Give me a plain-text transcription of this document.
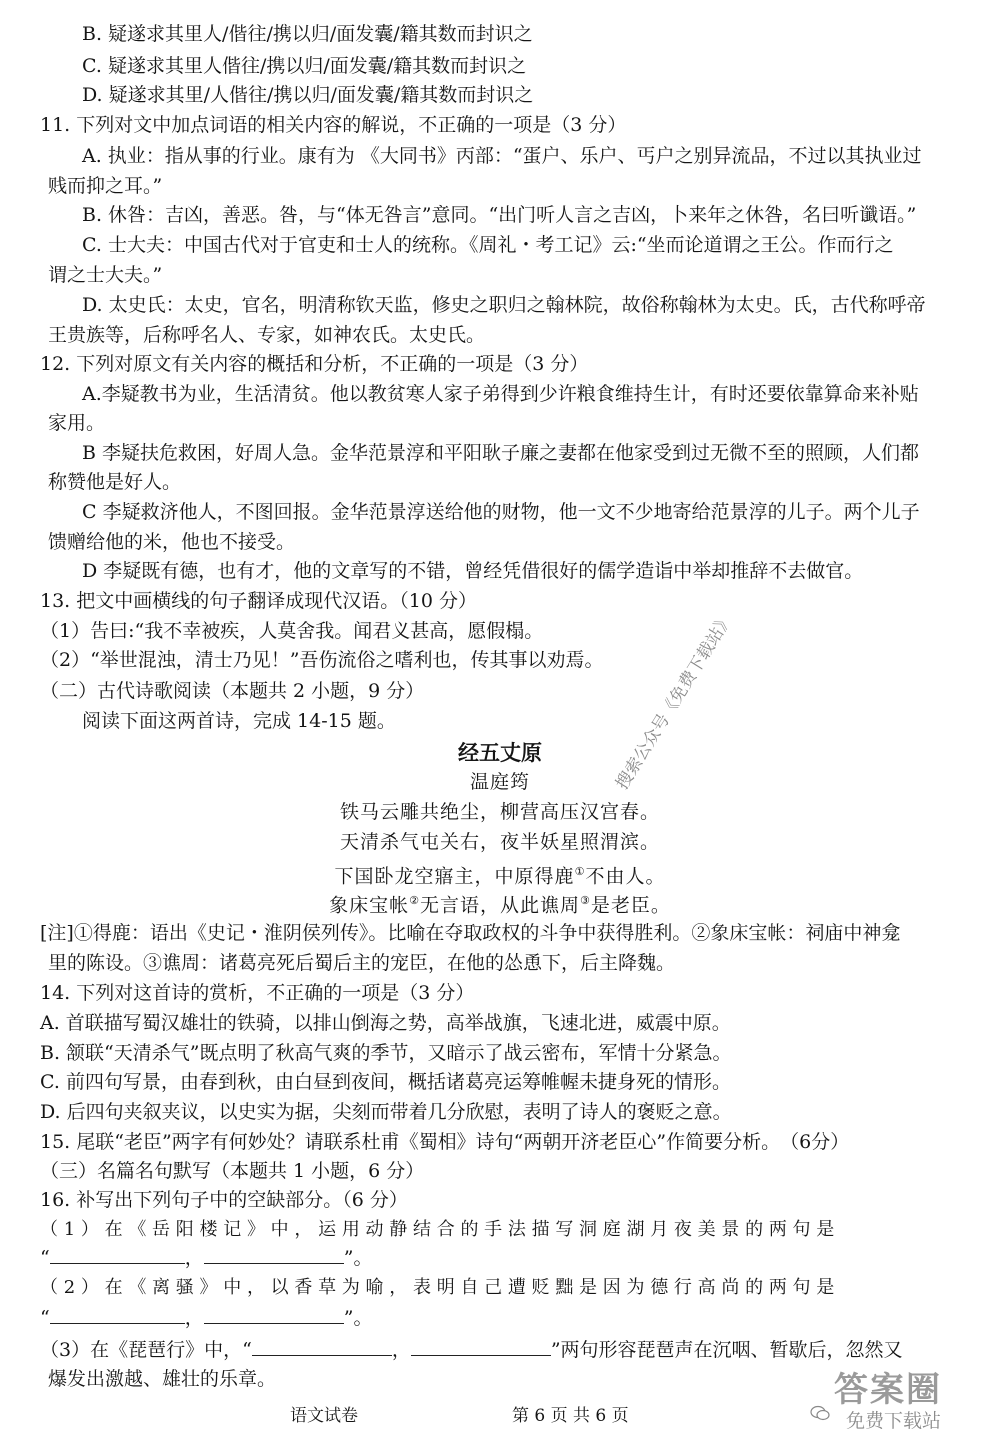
B. 疑遂求其里人/偕往/携以归/面发囊/籍其数而封识之
C. 疑遂求其里人偕往/携以归/面发囊/籍其数而封识之
D. 疑遂求其里/人偕往/携以归/面发囊/籍其数而封识之
11. 下列对文中加点词语的相关内容的解说，不正确的一项是（3 分）
A. 执业：指从事的行业。康有为 《大同书》丙部：“蛋户、乐户、丐户之别异流品，不过以其执业过
贱而抑之耳。”
B. 休咎：吉凶，善恶。咎，与“体无咎言”意同。“出门听人言之吉凶，卜来年之休咎，名曰听谶语。”
C. 士大夫：中国古代对于官吏和士人的统称。《周礼・考工记》云:“坐而论道谓之王公。作而行之
谓之士大夫。”
D. 太史氏：太史，官名，明清称钦天监，修史之职归之翰林院，故俗称翰林为太史。氏，古代称呼帝
王贵族等，后称呼名人、专家，如神农氏。太史氏。
12. 下列对原文有关内容的概括和分析，不正确的一项是（3 分）
A.李疑教书为业，生活清贫。他以教贫寒人家子弟得到少许粮食维持生计，有时还要依靠算命来补贴
家用。
B 李疑扶危救困，好周人急。金华范景淳和平阳耿子廉之妻都在他家受到过无微不至的照顾，人们都
称赞他是好人。
C 李疑救济他人，不图回报。金华范景淳送给他的财物，他一文不少地寄给范景淳的儿子。两个儿子
馈赠给他的米，他也不接受。
D 李疑既有德，也有才，他的文章写的不错，曾经凭借很好的儒学造诣中举却推辞不去做官。
13. 把文中画横线的句子翻译成现代汉语。（10 分）
（1）告曰:“我不幸被疾，人莫舍我。闻君义甚高，愿假榻。
（2）“举世混浊，清士乃见！”吾伤流俗之嗜利也，传其事以劝焉。
（二）古代诗歌阅读（本题共 2 小题，9 分）
阅读下面这两首诗，完成 14-15 题。
经五丈原
温庭筠
铁马云雕共绝尘，柳营高压汉宫春。
天清杀气屯关右，夜半妖星照渭滨。
下国卧龙空寤主，中原得鹿①不由人。
象床宝帐②无言语，从此谯周③是老臣。
[注]①得鹿：语出《史记・淮阴侯列传》。比喻在夺取政权的斗争中获得胜利。②象床宝帐：祠庙中神龛
里的陈设。③谯周：诸葛亮死后蜀后主的宠臣，在他的怂恿下，后主降魏。
14. 下列对这首诗的赏析，不正确的一项是（3 分）
A. 首联描写蜀汉雄壮的铁骑，以排山倒海之势，高举战旗，飞速北进，威震中原。
B. 颔联“天清杀气”既点明了秋高气爽的季节，又暗示了战云密布，军情十分紧急。
C. 前四句写景，由春到秋，由白昼到夜间，概括诸葛亮运筹帷幄未捷身死的情形。
D. 后四句夹叙夹议，以史实为据，尖刻而带着几分欣慰，表明了诗人的褒贬之意。
15. 尾联“老臣”两字有何妙处？请联系杜甫《蜀相》诗句“两朝开济老臣心”作简要分析。　（6分）
（三）名篇名句默写（本题共 1 小题，6 分）
16. 补写出下列句子中的空缺部分。（6 分）
（ 1 ） 在 《 岳 阳 楼 记 》 中 ， 运 用 动 静 结 合 的 手 法 描 写 洞 庭 湖 月 夜 美 景 的 两 句 是
“	，	”。
（ 2 ） 在 《 离 骚 》 中 ， 以 香 草 为 喻 ， 表 明 自 己 遭 贬 黜 是 因 为 德 行 高 尚 的 两 句 是
“	，	”。
（3）在《琵琶行》中，“	，	”两句形容琵琶声在沉咽、暂歇后，忽然又
爆发出激越、雄壮的乐章。
语文试卷	第 6 页 共 6 页
搜索公众号《免费下载站》
答案圈
免费下载站
